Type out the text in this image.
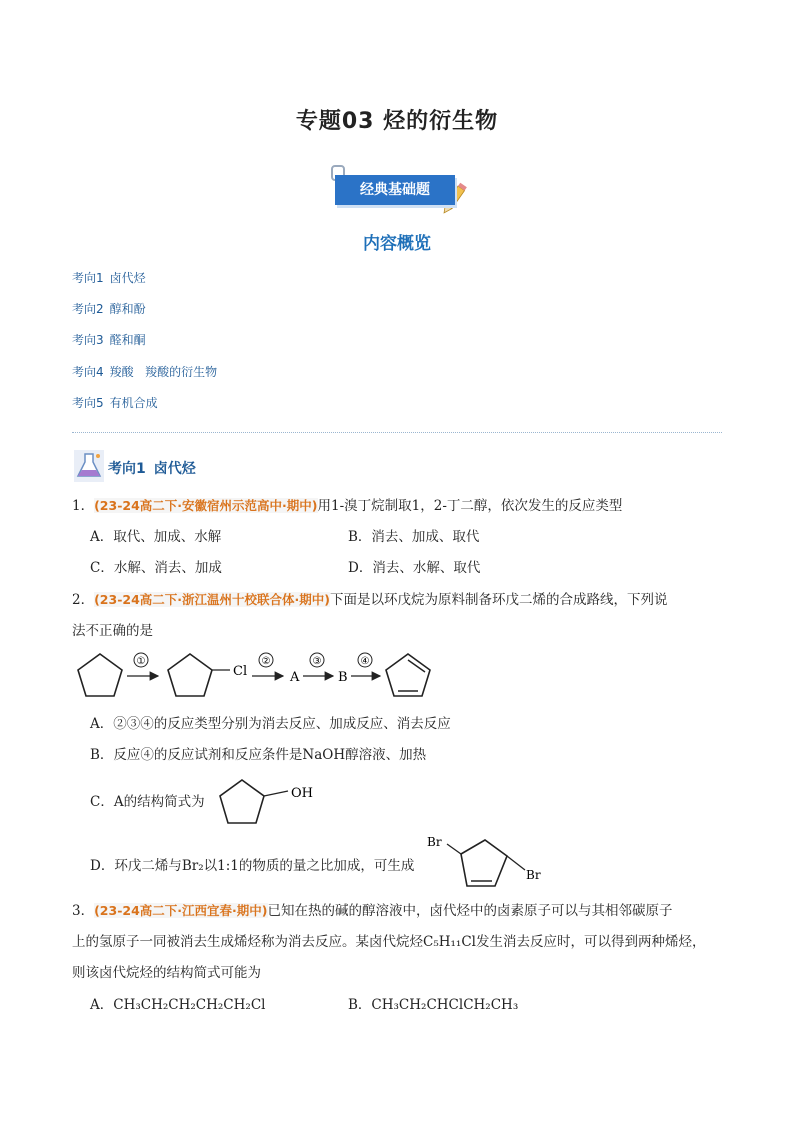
专题03 烃的衍生物
经典基础题
内容概览
考向1 卤代烃
考向2 醇和酚
考向3 醛和酮
考向4 羧酸   羧酸的衍生物
考向5 有机合成
考向1 卤代烃
1．(23-24高二下·安徽宿州示范高中·期中)用1-溴丁烷制取1，2-丁二醇，依次发生的反应类型
A．取代、加成、水解	B．消去、加成、取代
C．水解、消去、加成	D．消去、水解、取代
2．(23-24高二下·浙江温州十校联合体·期中)下面是以环戊烷为原料制备环戊二烯的合成路线，下列说
法不正确的是
①
Cl
②
A
③
B
④
A．②③④的反应类型分别为消去反应、加成反应、消去反应
B．反应④的反应试剂和反应条件是NaOH醇溶液、加热
C．A的结构简式为
OH
D．环戊二烯与Br₂以1:1的物质的量之比加成，可生成
Br
Br
3．(23-24高二下·江西宜春·期中)已知在热的碱的醇溶液中，卤代烃中的卤素原子可以与其相邻碳原子
上的氢原子一同被消去生成烯烃称为消去反应。某卤代烷烃C₅H₁₁Cl发生消去反应时，可以得到两种烯烃，
则该卤代烷烃的结构简式可能为
A．CH₃CH₂CH₂CH₂CH₂Cl	B．CH₃CH₂CHClCH₂CH₃
